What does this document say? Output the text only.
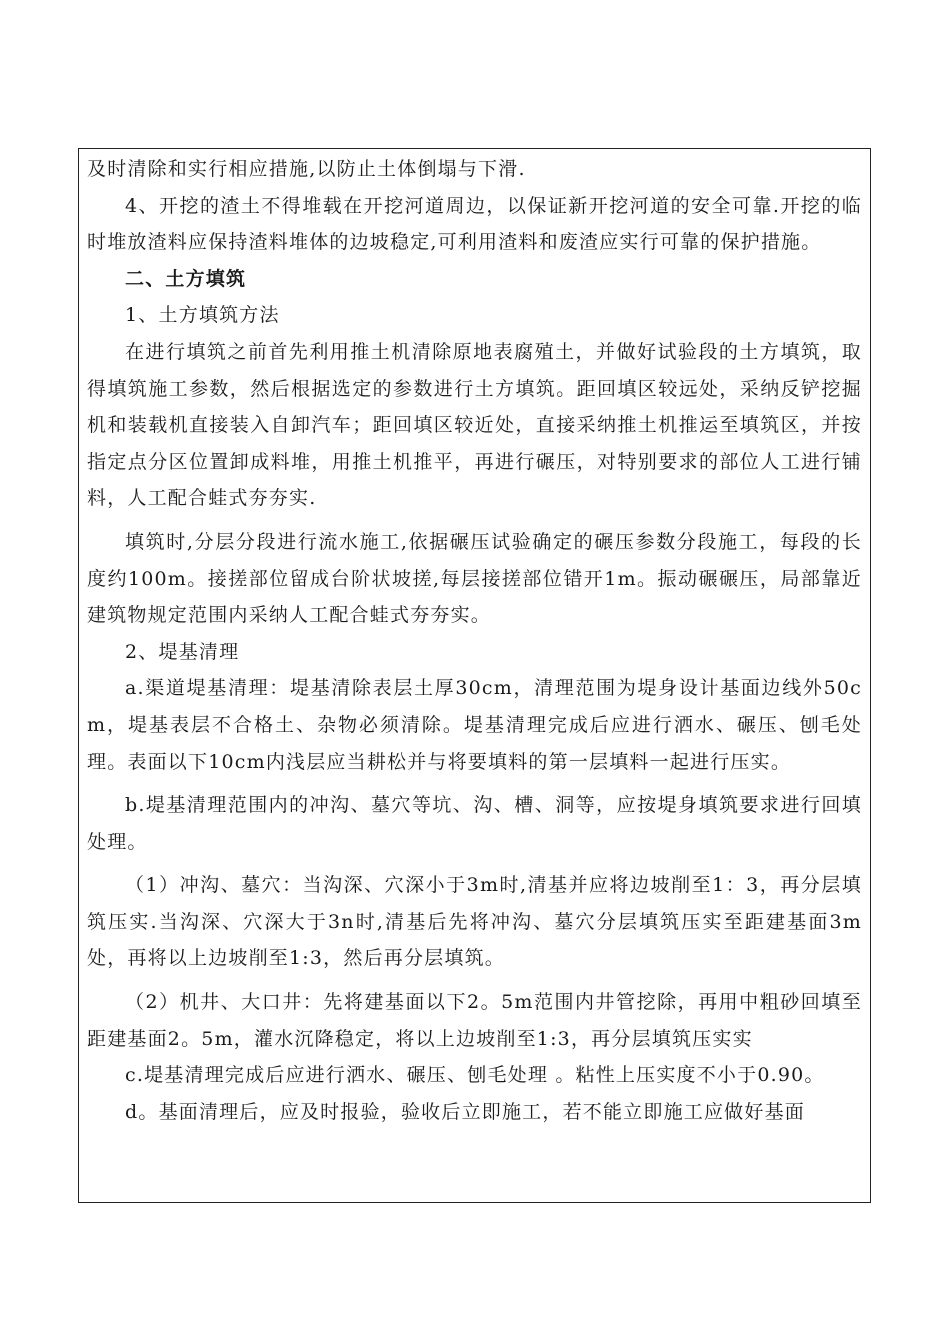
及时清除和实行相应措施,以防止土体倒塌与下滑.

4、开挖的渣土不得堆载在开挖河道周边，以保证新开挖河道的安全可靠.开挖的临时堆放渣料应保持渣料堆体的边坡稳定,可利用渣料和废渣应实行可靠的保护措施。

二、土方填筑

1、土方填筑方法

在进行填筑之前首先利用推土机清除原地表腐殖土，并做好试验段的土方填筑，取得填筑施工参数，然后根据选定的参数进行土方填筑。距回填区较远处，采纳反铲挖掘机和装载机直接装入自卸汽车；距回填区较近处，直接采纳推土机推运至填筑区，并按指定点分区位置卸成料堆，用推土机推平，再进行碾压，对特别要求的部位人工进行铺料，人工配合蛙式夯夯实.

填筑时,分层分段进行流水施工,依据碾压试验确定的碾压参数分段施工，每段的长度约100m。接搓部位留成台阶状坡搓,每层接搓部位错开1m。振动碾碾压，局部靠近建筑物规定范围内采纳人工配合蛙式夯夯实。

2、堤基清理

a.渠道堤基清理：堤基清除表层土厚30cm，清理范围为堤身设计基面边线外50cm，堤基表层不合格土、杂物必须清除。堤基清理完成后应进行洒水、碾压、刨毛处理。表面以下10cm内浅层应当耕松并与将要填料的第一层填料一起进行压实。

b.堤基清理范围内的冲沟、墓穴等坑、沟、槽、洞等，应按堤身填筑要求进行回填处理。

（1）冲沟、墓穴：当沟深、穴深小于3m时,清基并应将边坡削至1：3，再分层填筑压实.当沟深、穴深大于3n时,清基后先将冲沟、墓穴分层填筑压实至距建基面3m处，再将以上边坡削至1:3，然后再分层填筑。

（2）机井、大口井：先将建基面以下2。5m范围内井管挖除，再用中粗砂回填至距建基面2。5m，灌水沉降稳定，将以上边坡削至1:3，再分层填筑压实实

c.堤基清理完成后应进行洒水、碾压、刨毛处理 。粘性上压实度不小于0.90。

d。基面清理后，应及时报验，验收后立即施工，若不能立即施工应做好基面
